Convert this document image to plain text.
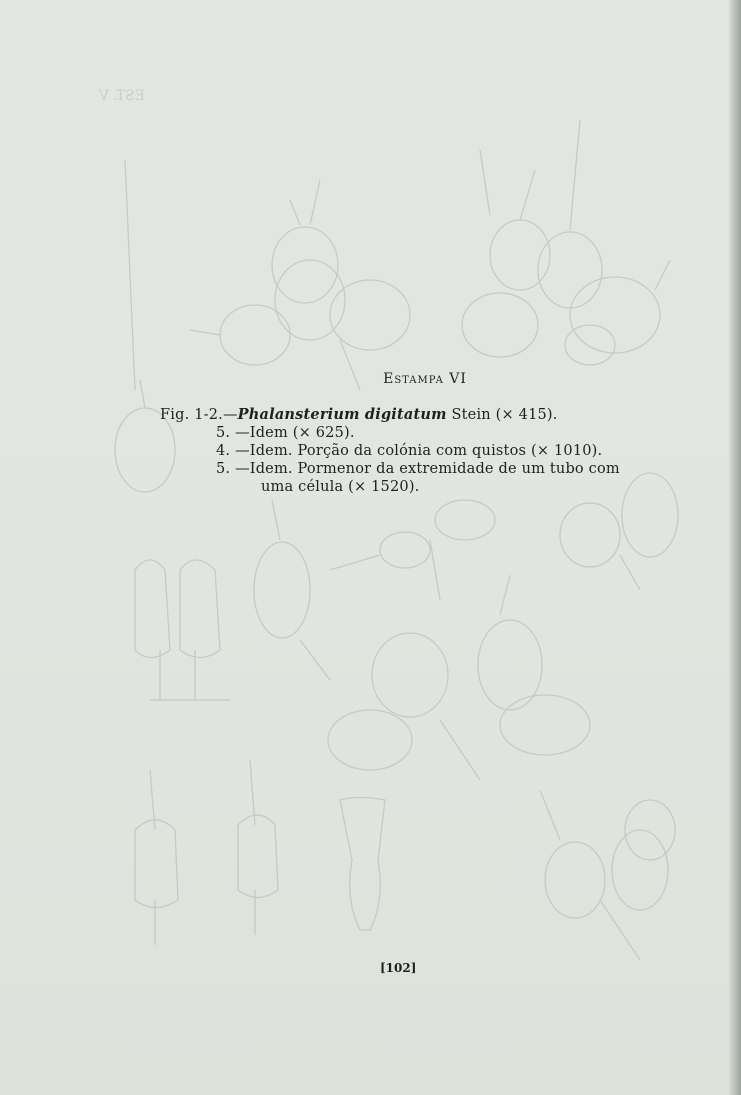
EST. V
Estampa VI
Fig. 1-2.—Phalansterium digitatum Stein (× 415).
5. —Idem (× 625).
4. —Idem. Porção da colónia com quistos (× 1010).
5. —Idem. Pormenor da extremidade de um tubo com
uma célula (× 1520).
[102]
